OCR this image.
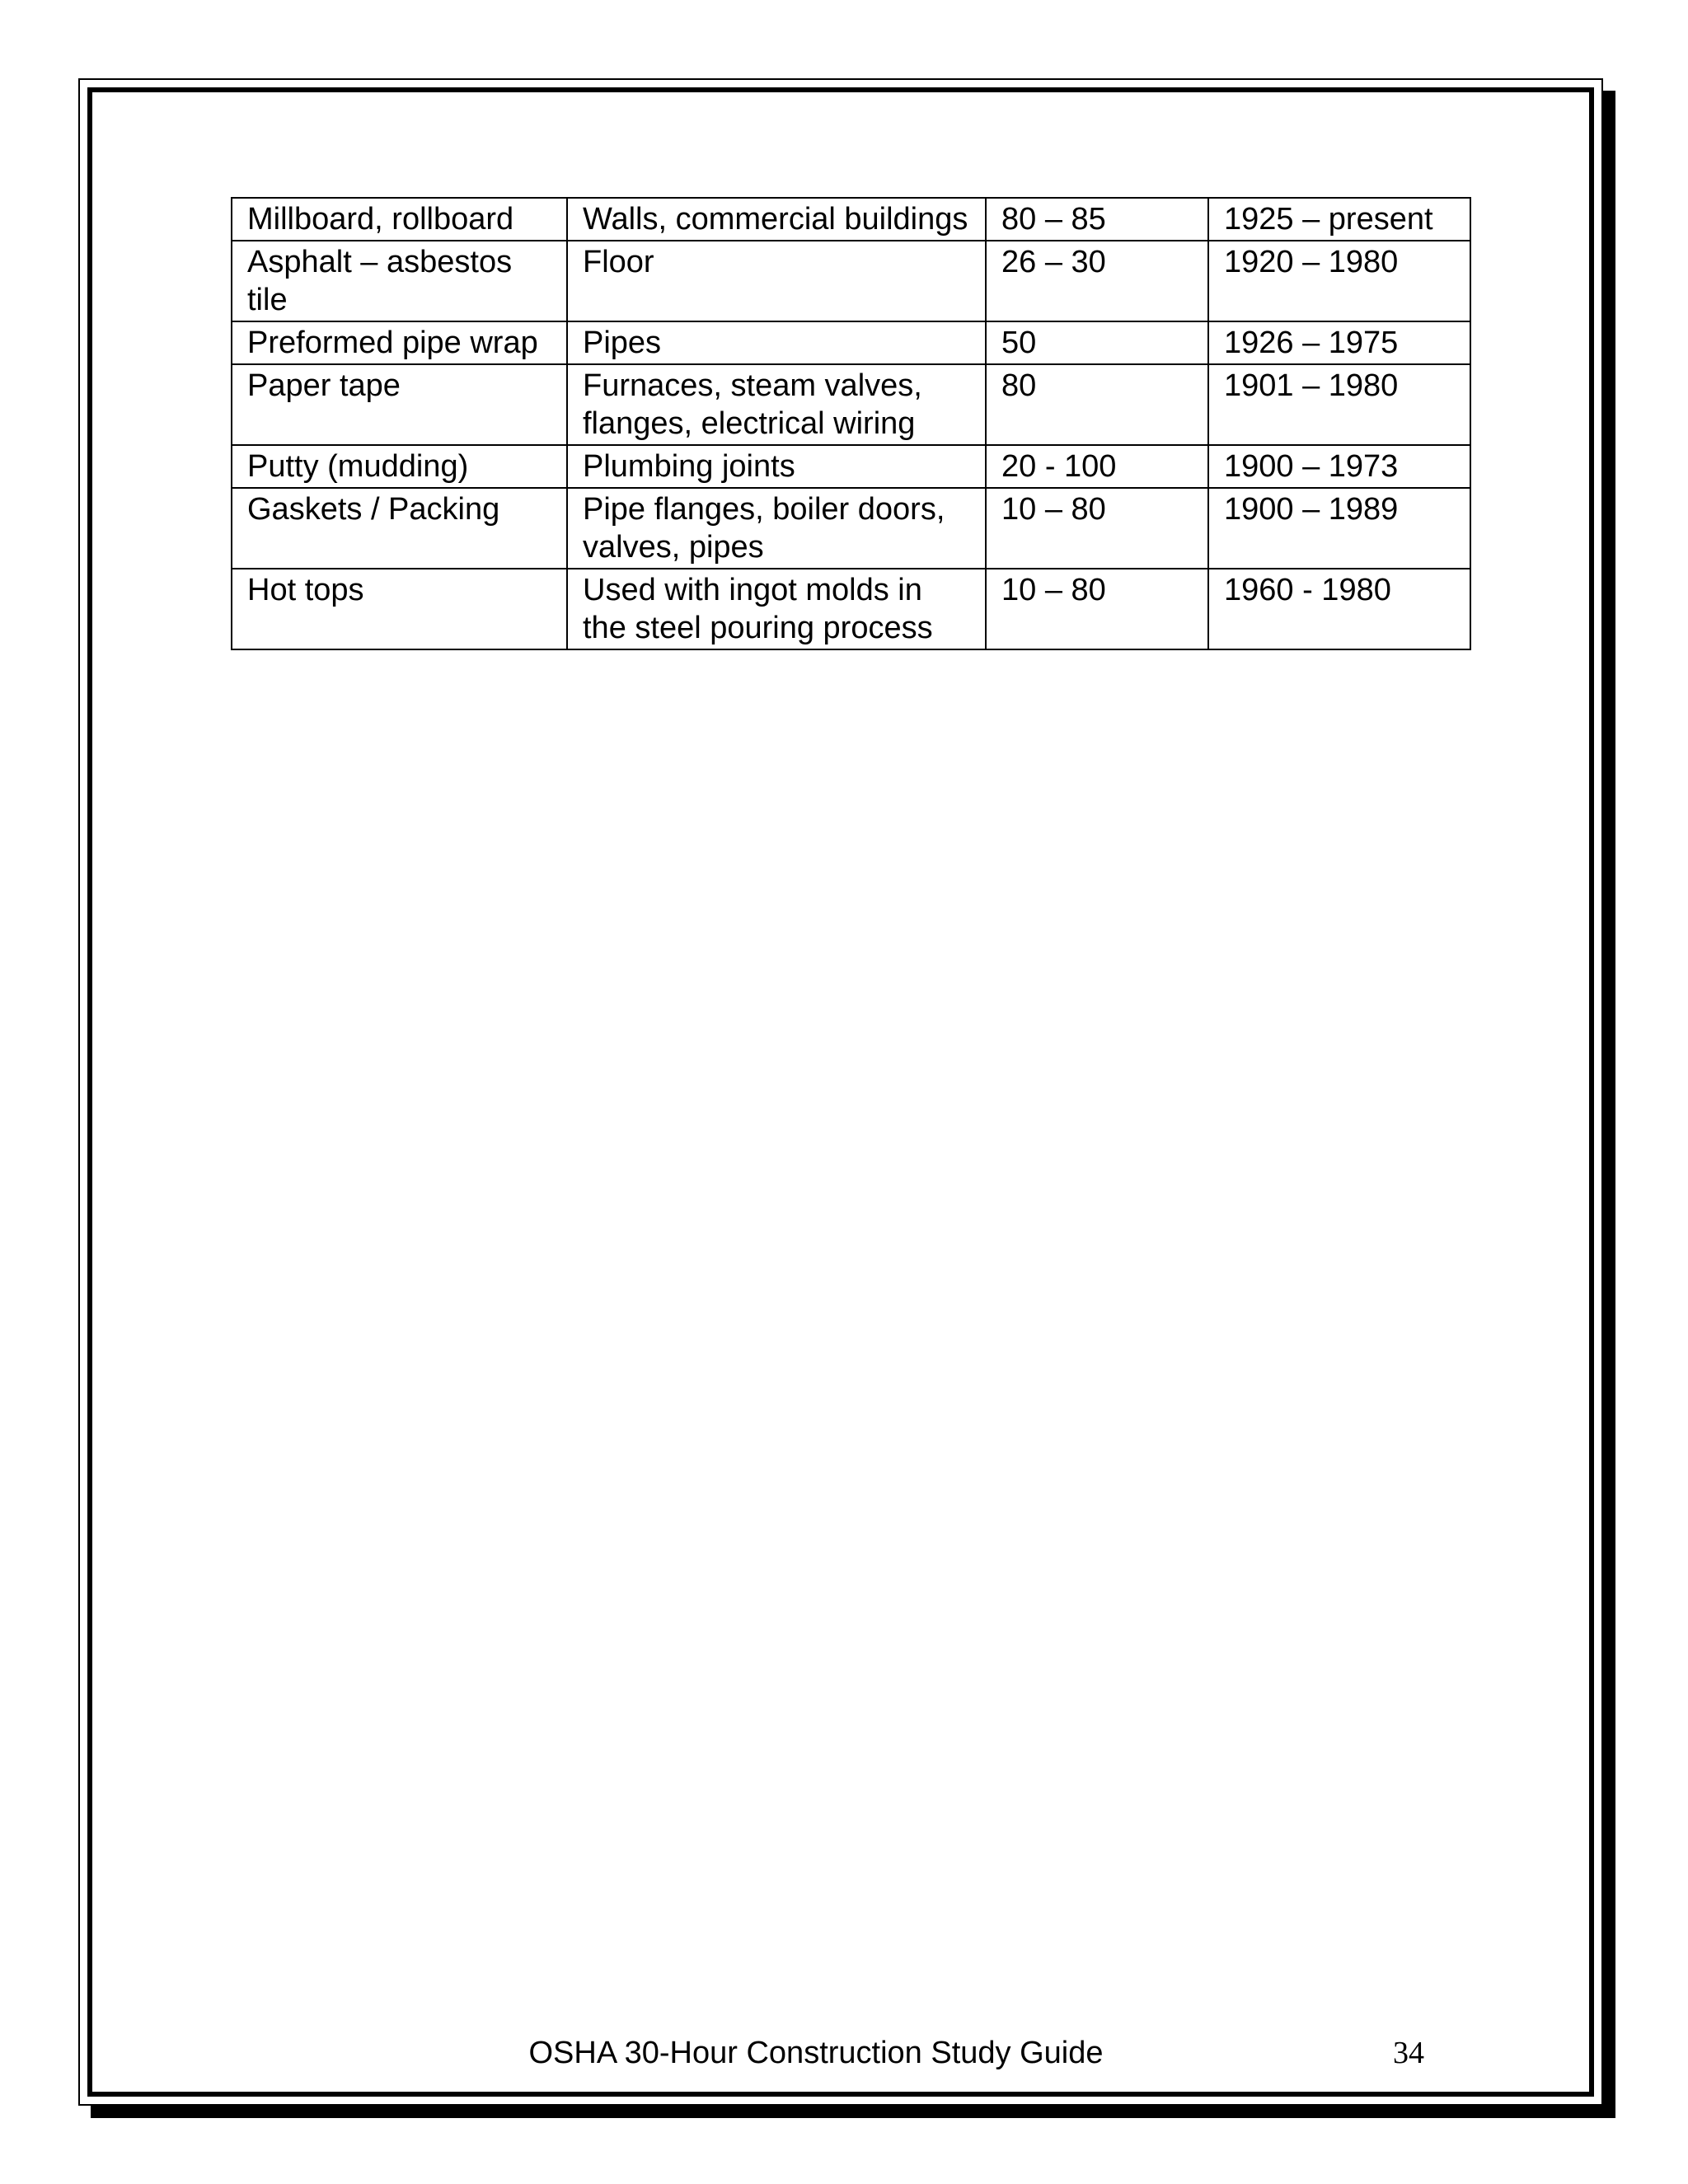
Millboard, rollboard	Walls, commercial buildings	80 – 85	1925 – present
Asphalt – asbestos tile	Floor	26 – 30	1920 – 1980
Preformed pipe wrap	Pipes	50	1926 – 1975
Paper tape	Furnaces, steam valves, flanges, electrical wiring	80	1901 – 1980
Putty (mudding)	Plumbing joints	20 - 100	1900 – 1973
Gaskets / Packing	Pipe flanges, boiler doors, valves, pipes	10 – 80	1900 – 1989
Hot tops	Used with ingot molds in the steel pouring process	10 – 80	1960 - 1980
OSHA 30-Hour Construction Study Guide	34
